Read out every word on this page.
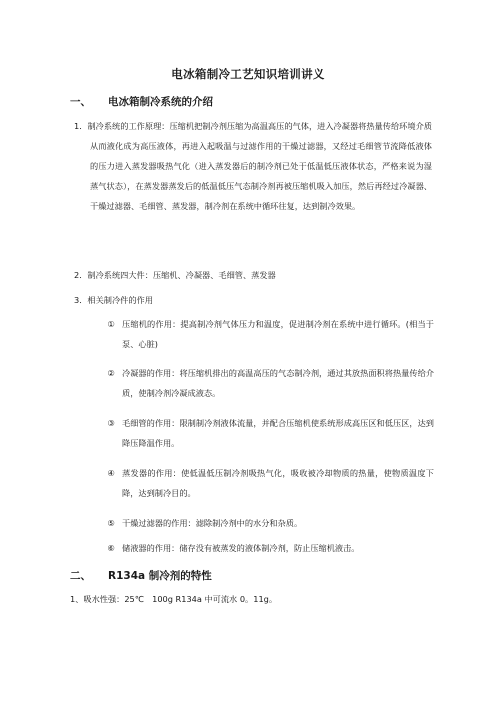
电冰箱制冷工艺知识培训讲义
一、 电冰箱制冷系统的介绍
1．制冷系统的工作原理：压缩机把制冷剂压缩为高温高压的气体，进入冷凝器将热量传给环境介质从而液化成为高压液体，再进入起吸温与过滤作用的干燥过滤器，又经过毛细管节流降低液体的压力进入蒸发器吸热气化（进入蒸发器后的制冷剂已处于低温低压液体状态，严格来说为湿蒸气状态），在蒸发器蒸发后的低温低压气态制冷剂再被压缩机吸入加压，然后再经过冷凝器、干燥过滤器、毛细管、蒸发器，制冷剂在系统中循环往复，达到制冷效果。
2．制冷系统四大件：压缩机、冷凝器、毛细管、蒸发器
3．相关制冷件的作用
① 压缩机的作用：提高制冷剂气体压力和温度，促进制冷剂在系统中进行循环。(相当于泵、心脏)
② 冷凝器的作用：将压缩机排出的高温高压的气态制冷剂，通过其放热面积将热量传给介质，使制冷剂冷凝成液态。
③ 毛细管的作用：限制制冷剂液体流量，并配合压缩机使系统形成高压区和低压区，达到降压降温作用。
④ 蒸发器的作用：使低温低压制冷剂吸热气化，吸收被冷却物质的热量，使物质温度下降，达到制冷目的。
⑤ 干燥过滤器的作用：滤除制冷剂中的水分和杂质。
⑥ 储液器的作用：储存没有被蒸发的液体制冷剂，防止压缩机液击。
二、 R134a 制冷剂的特性
1、吸水性强：25℃　100g R134a 中可流水 0。11g。
